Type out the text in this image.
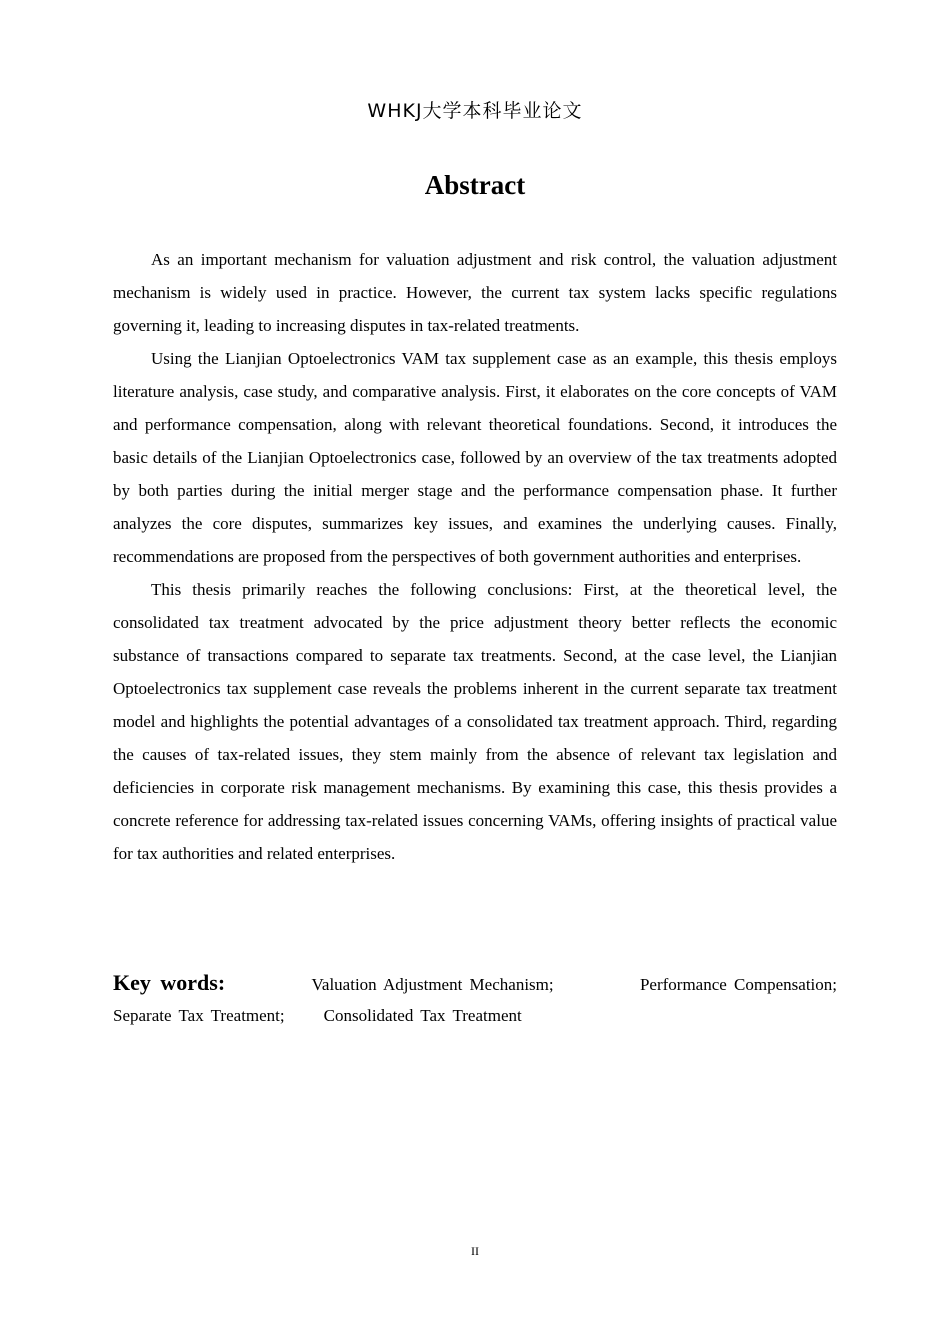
WHKJ大学本科毕业论文
Abstract

As an important mechanism for valuation adjustment and risk control, the valuation adjustment mechanism is widely used in practice. However, the current tax system lacks specific regulations governing it, leading to increasing disputes in tax-related treatments.

Using the Lianjian Optoelectronics VAM tax supplement case as an example, this thesis employs literature analysis, case study, and comparative analysis. First, it elaborates on the core concepts of VAM and performance compensation, along with relevant theoretical foundations. Second, it introduces the basic details of the Lianjian Optoelectronics case, followed by an overview of the tax treatments adopted by both parties during the initial merger stage and the performance compensation phase. It further analyzes the core disputes, summarizes key issues, and examines the underlying causes. Finally, recommendations are proposed from the perspectives of both government authorities and enterprises.

This thesis primarily reaches the following conclusions: First, at the theoretical level, the consolidated tax treatment advocated by the price adjustment theory better reflects the economic substance of transactions compared to separate tax treatments. Second, at the case level, the Lianjian Optoelectronics tax supplement case reveals the problems inherent in the current separate tax treatment model and highlights the potential advantages of a consolidated tax treatment approach. Third, regarding the causes of tax-related issues, they stem mainly from the absence of relevant tax legislation and deficiencies in corporate risk management mechanisms. By examining this case, this thesis provides a concrete reference for addressing tax-related issues concerning VAMs, offering insights of practical value for tax authorities and related enterprises.

Key words:	Valuation Adjustment Mechanism;	Performance Compensation;
Separate Tax Treatment; Consolidated Tax Treatment
II
